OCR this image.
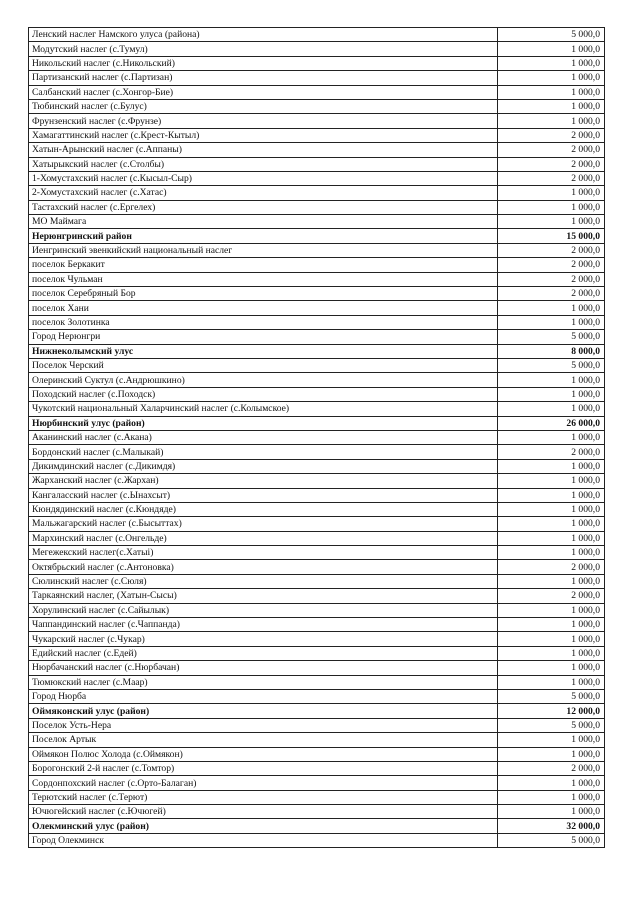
Ленский наслег Намского улуса (района)	5 000,0
Модутский наслег (с.Тумул)	1 000,0
Никольский наслег (с.Никольский)	1 000,0
Партизанский наслег (с.Партизан)	1 000,0
Салбанский наслег (с.Хонгор-Бие)	1 000,0
Тюбинский наслег (с.Булус)	1 000,0
Фрунзенский наслег (с.Фрунзе)	1 000,0
Хамагаттинский наслег (с.Крест-Кытыл)	2 000,0
Хатын-Арынский наслег (с.Аппаны)	2 000,0
Хатырыкский наслег (с.Столбы)	2 000,0
1-Хомустахский наслег (с.Кысыл-Сыр)	2 000,0
2-Хомустахский наслег (с.Хатас)	1 000,0
Тастахский наслег (с.Ергелех)	1 000,0
МО Маймага	1 000,0
Нерюнгринский район	15 000,0
Иенгринский эвенкийский национальный наслег	2 000,0
поселок Беркакит	2 000,0
поселок Чульман	2 000,0
поселок Серебряный Бор	2 000,0
поселок Хани	1 000,0
поселок Золотинка	1 000,0
Город Нерюнгри	5 000,0
Нижнеколымский улус	8 000,0
Поселок Черский	5 000,0
Олеринский Суктул (с.Андрюшкино)	1 000,0
Походский наслег (с.Походск)	1 000,0
Чукотский национальный Халарчинский наслег (с.Колымское)	1 000,0
Нюрбинский улус (район)	26 000,0
Аканинский наслег (с.Акана)	1 000,0
Бордонский наслег (с.Малыкай)	2 000,0
Дикимдинский наслег (с.Дикимдя)	1 000,0
Жарханский наслег (с.Жархан)	1 000,0
Кангаласский наслег (с.Ынахсыт)	1 000,0
Кюндядинский наслег (с.Кюндяде)	1 000,0
Мальжагарский наслег (с.Бысыттах)	1 000,0
Мархинский наслег (с.Онгельде)	1 000,0
Мегежекский наслег(с.Хатыі)	1 000,0
Октябрьский наслег (с.Антоновка)	2 000,0
Сюлинский наслег (с.Сюля)	1 000,0
Таркаянский наслег, (Хатын-Сысы)	2 000,0
Хорулинский наслег (с.Сайылык)	1 000,0
Чаппандинский наслег (с.Чаппанда)	1 000,0
Чукарский наслег (с.Чукар)	1 000,0
Едийский наслег (с.Едей)	1 000,0
Нюрбачанский наслег (с.Нюрбачан)	1 000,0
Тюмюкский наслег (с.Маар)	1 000,0
Город Нюрба	5 000,0
Оймяконский улус (район)	12 000,0
Поселок Усть-Нера	5 000,0
Поселок Артык	1 000,0
Оймякон Полюс Холода (с.Оймякон)	1 000,0
Борогонский 2-й наслег (с.Томтор)	2 000,0
Сордонпохский наслег (с.Орто-Балаган)	1 000,0
Терютский наслег (с.Терют)	1 000,0
Ючюгейский наслег (с.Ючюгей)	1 000,0
Олекминский улус (район)	32 000,0
Город Олекминск	5 000,0
